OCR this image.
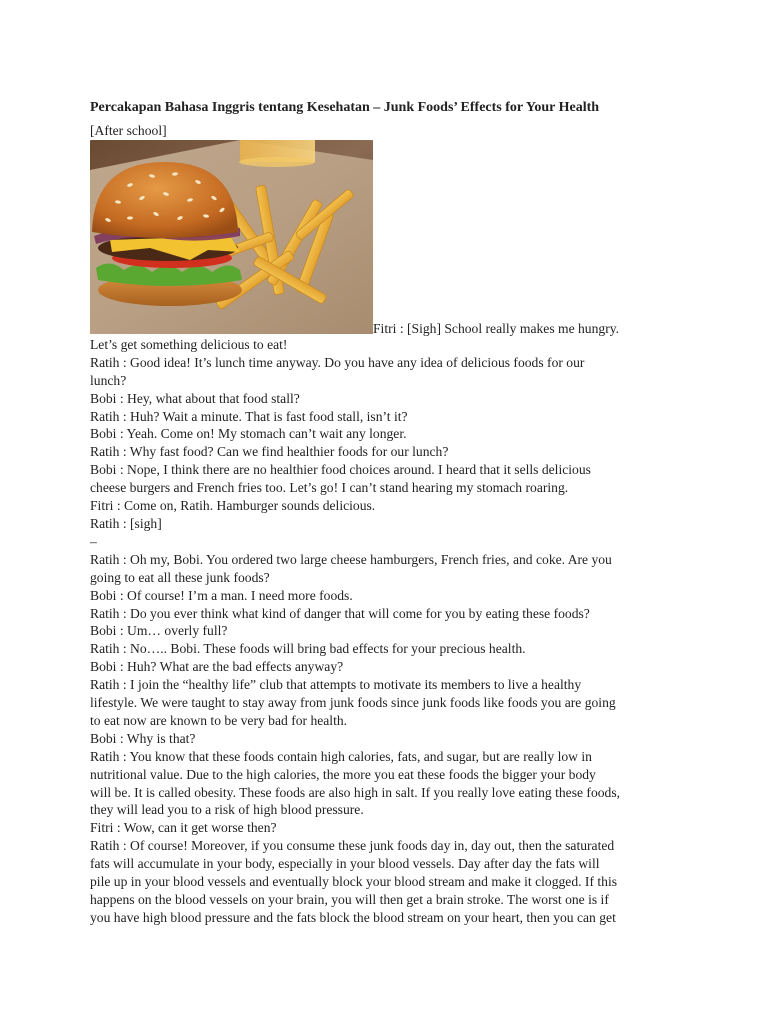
Percakapan Bahasa Inggris tentang Kesehatan – Junk Foods’ Effects for Your Health
[After school]
Fitri : [Sigh] School really makes me hungry.
Let’s get something delicious to eat!
Ratih : Good idea! It’s lunch time anyway. Do you have any idea of delicious foods for our
lunch?
Bobi : Hey, what about that food stall?
Ratih : Huh? Wait a minute. That is fast food stall, isn’t it?
Bobi : Yeah. Come on! My stomach can’t wait any longer.
Ratih : Why fast food? Can we find healthier foods for our lunch?
Bobi : Nope, I think there are no healthier food choices around. I heard that it sells delicious
cheese burgers and French fries too. Let’s go! I can’t stand hearing my stomach roaring.
Fitri : Come on, Ratih. Hamburger sounds delicious.
Ratih : [sigh]
–
Ratih : Oh my, Bobi. You ordered two large cheese hamburgers, French fries, and coke. Are you
going to eat all these junk foods?
Bobi : Of course! I’m a man. I need more foods.
Ratih : Do you ever think what kind of danger that will come for you by eating these foods?
Bobi : Um… overly full?
Ratih : No….. Bobi. These foods will bring bad effects for your precious health.
Bobi : Huh? What are the bad effects anyway?
Ratih : I join the “healthy life” club that attempts to motivate its members to live a healthy
lifestyle. We were taught to stay away from junk foods since junk foods like foods you are going
to eat now are known to be very bad for health.
Bobi : Why is that?
Ratih : You know that these foods contain high calories, fats, and sugar, but are really low in
nutritional value. Due to the high calories, the more you eat these foods the bigger your body
will be. It is called obesity. These foods are also high in salt. If you really love eating these foods,
they will lead you to a risk of high blood pressure.
Fitri : Wow, can it get worse then?
Ratih : Of course! Moreover, if you consume these junk foods day in, day out, then the saturated
fats will accumulate in your body, especially in your blood vessels. Day after day the fats will
pile up in your blood vessels and eventually block your blood stream and make it clogged. If this
happens on the blood vessels on your brain, you will then get a brain stroke. The worst one is if
you have high blood pressure and the fats block the blood stream on your heart, then you can get
